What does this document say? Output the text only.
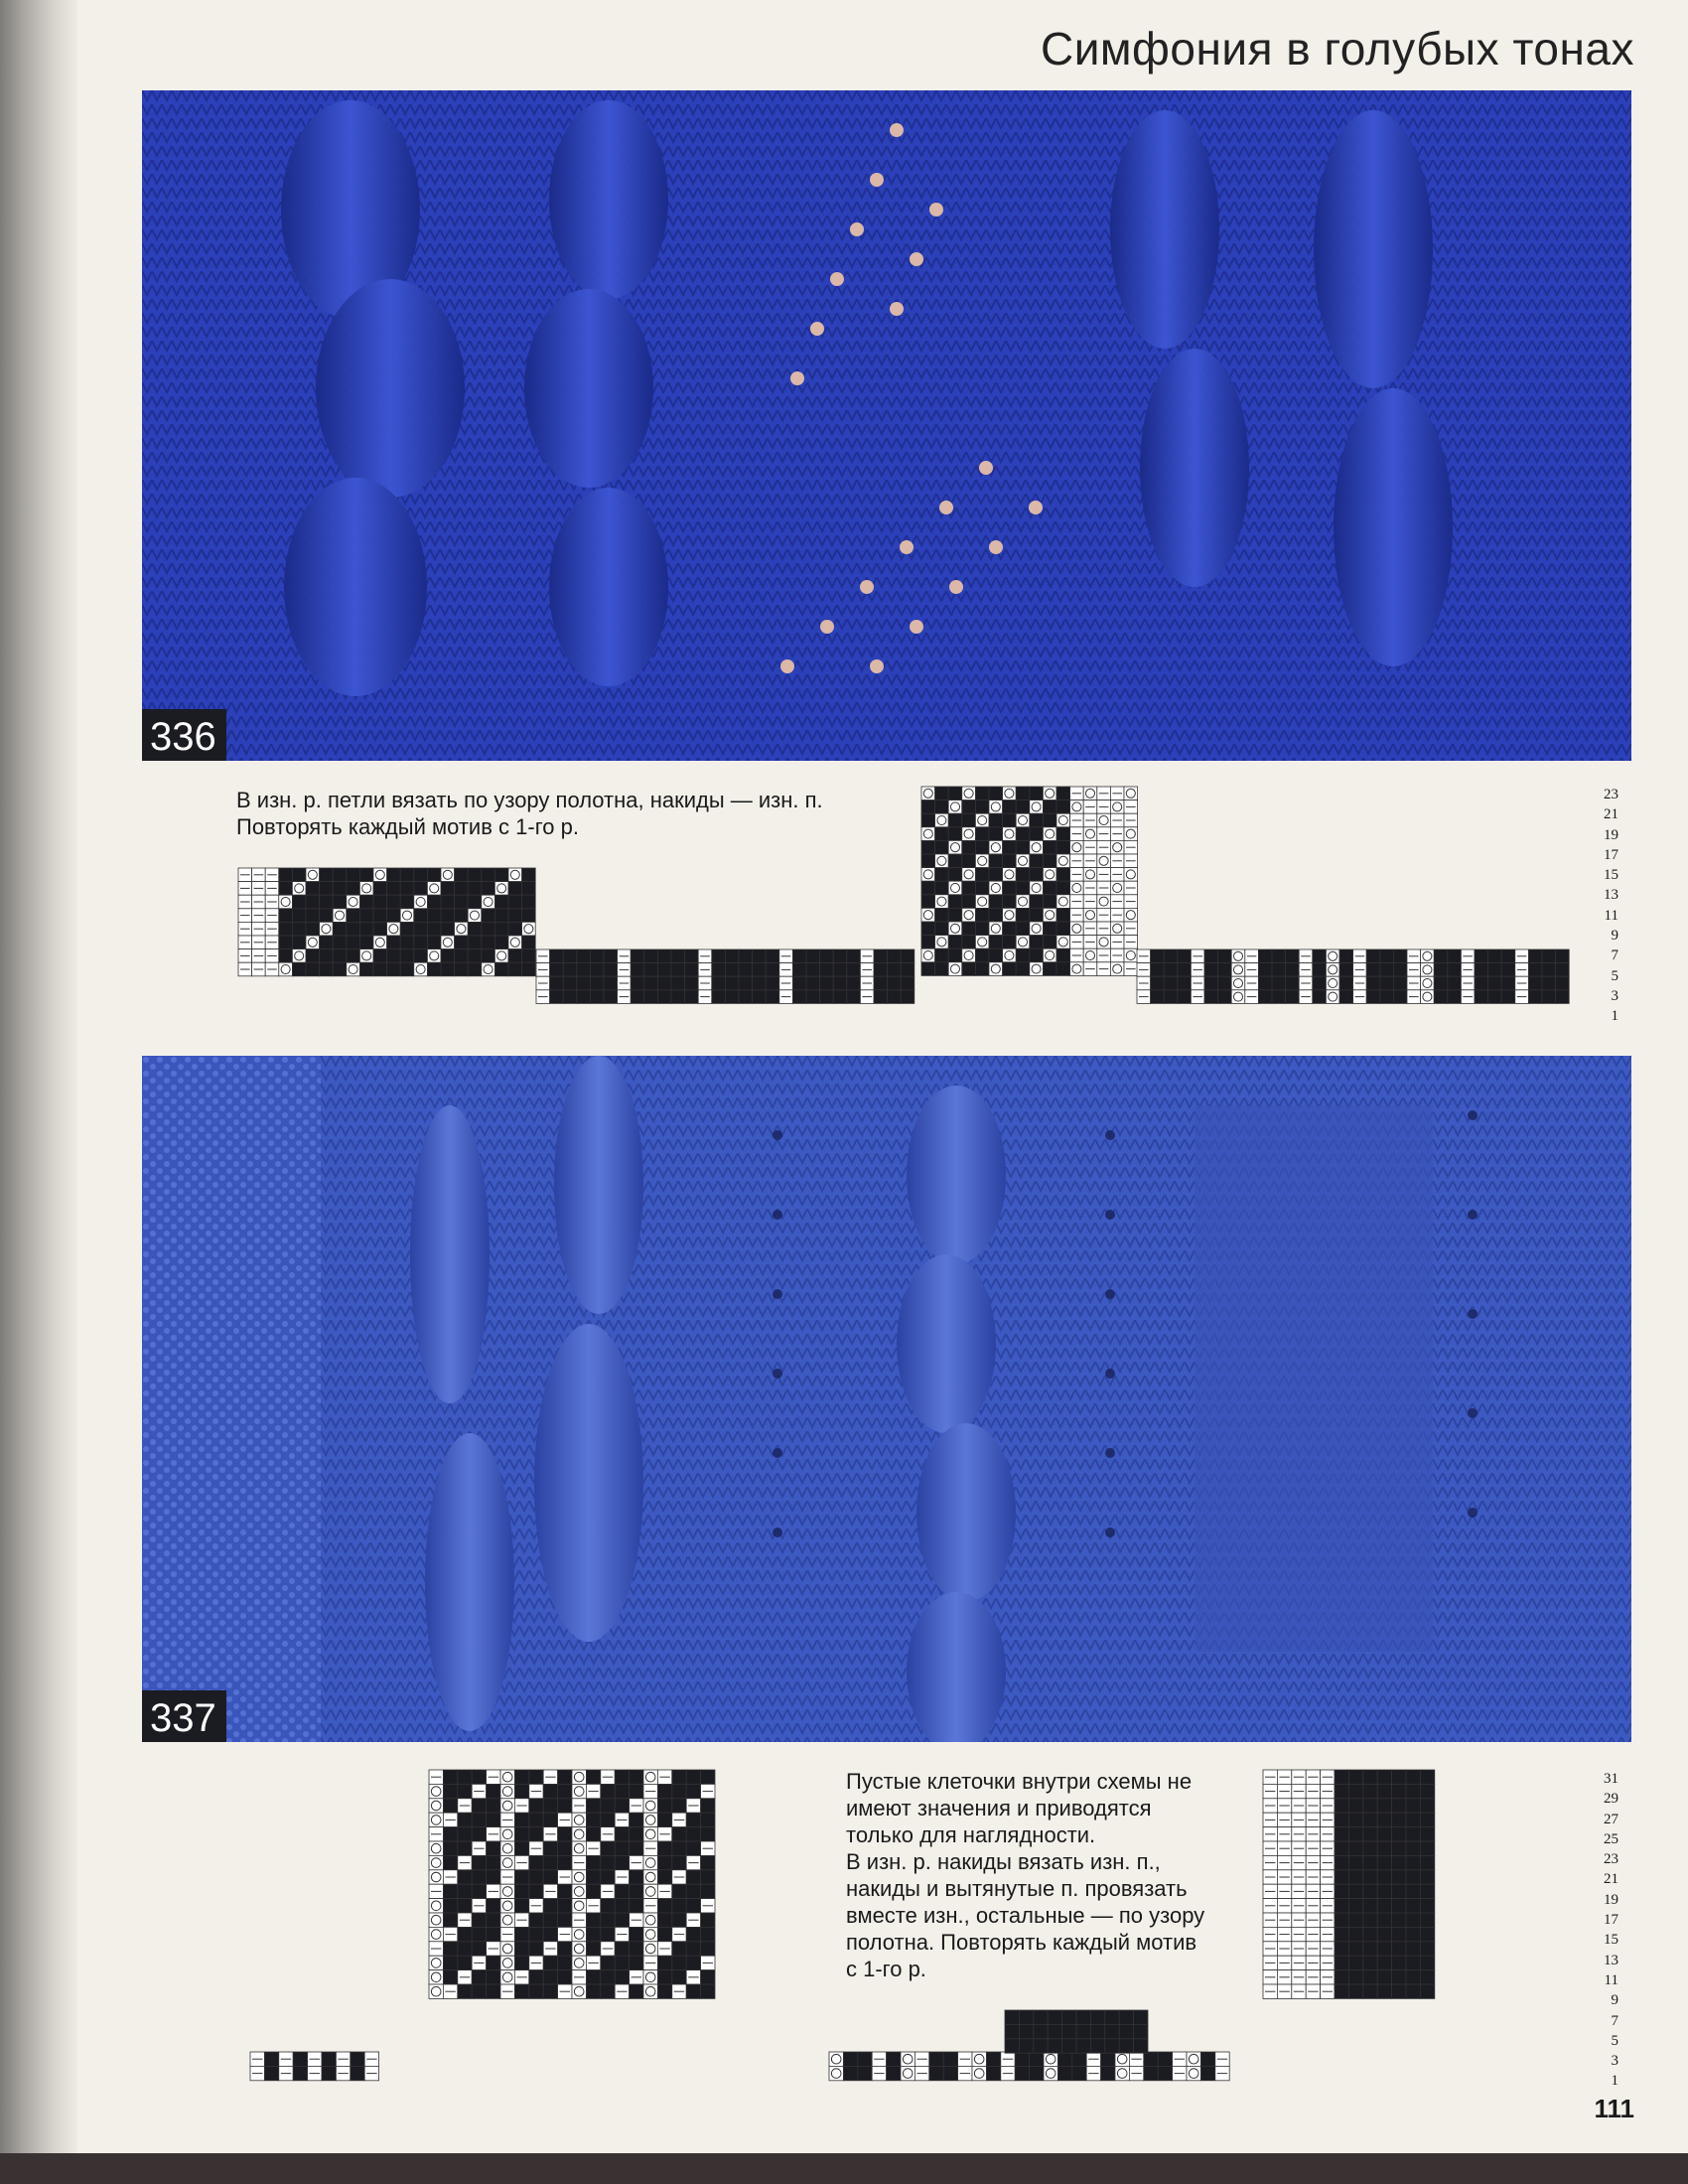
Симфония в голубых тонах
336
В изн. р. петли вязать по узору полотна, накиды — изн. п. Повторять каждый мотив с 1-го р.
23
21
19
17
15
13
11
9
7
5
3
1
337
Пустые клеточки внутри схемы не
имеют значения и приводятся
только для наглядности.
В изн. р. накиды вязать изн. п.,
накиды и вытянутые п. провязать
вместе изн., остальные — по узору
полотна. Повторять каждый мотив
с 1-го р.
31
29
27
25
23
21
19
17
15
13
11
9
7
5
3
1
111
